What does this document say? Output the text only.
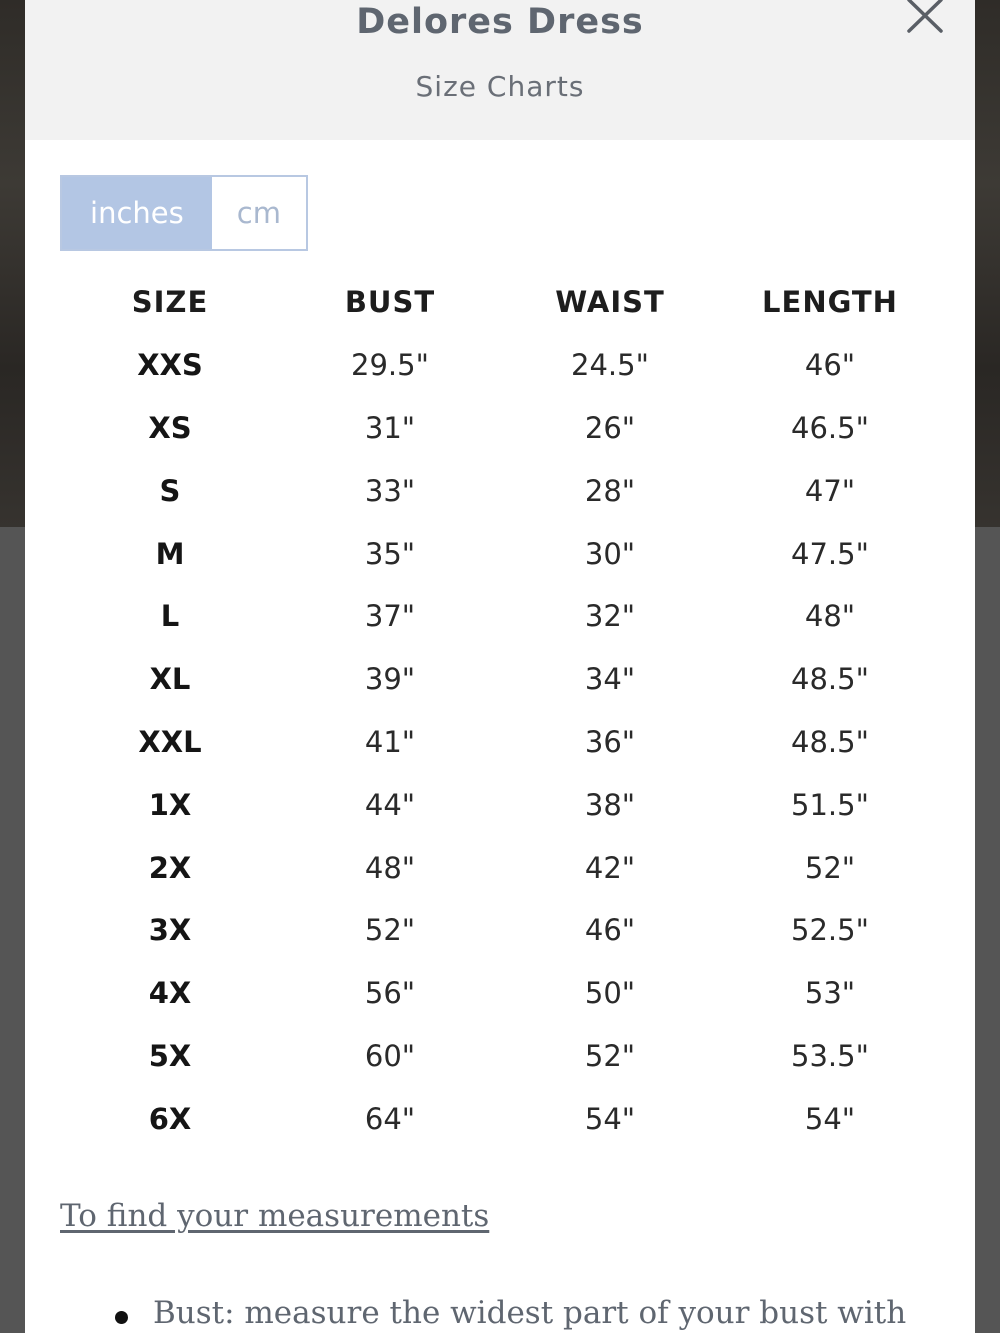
Delores Dress
Size Charts
inches	cm
SIZE	BUST	WAIST	LENGTH
XXS	29.5"	24.5"	46"
XS	31"	26"	46.5"
S	33"	28"	47"
M	35"	30"	47.5"
L	37"	32"	48"
XL	39"	34"	48.5"
XXL	41"	36"	48.5"
1X	44"	38"	51.5"
2X	48"	42"	52"
3X	52"	46"	52.5"
4X	56"	50"	53"
5X	60"	52"	53.5"
6X	64"	54"	54"
To find your measurements
Bust: measure the widest part of your bust with
